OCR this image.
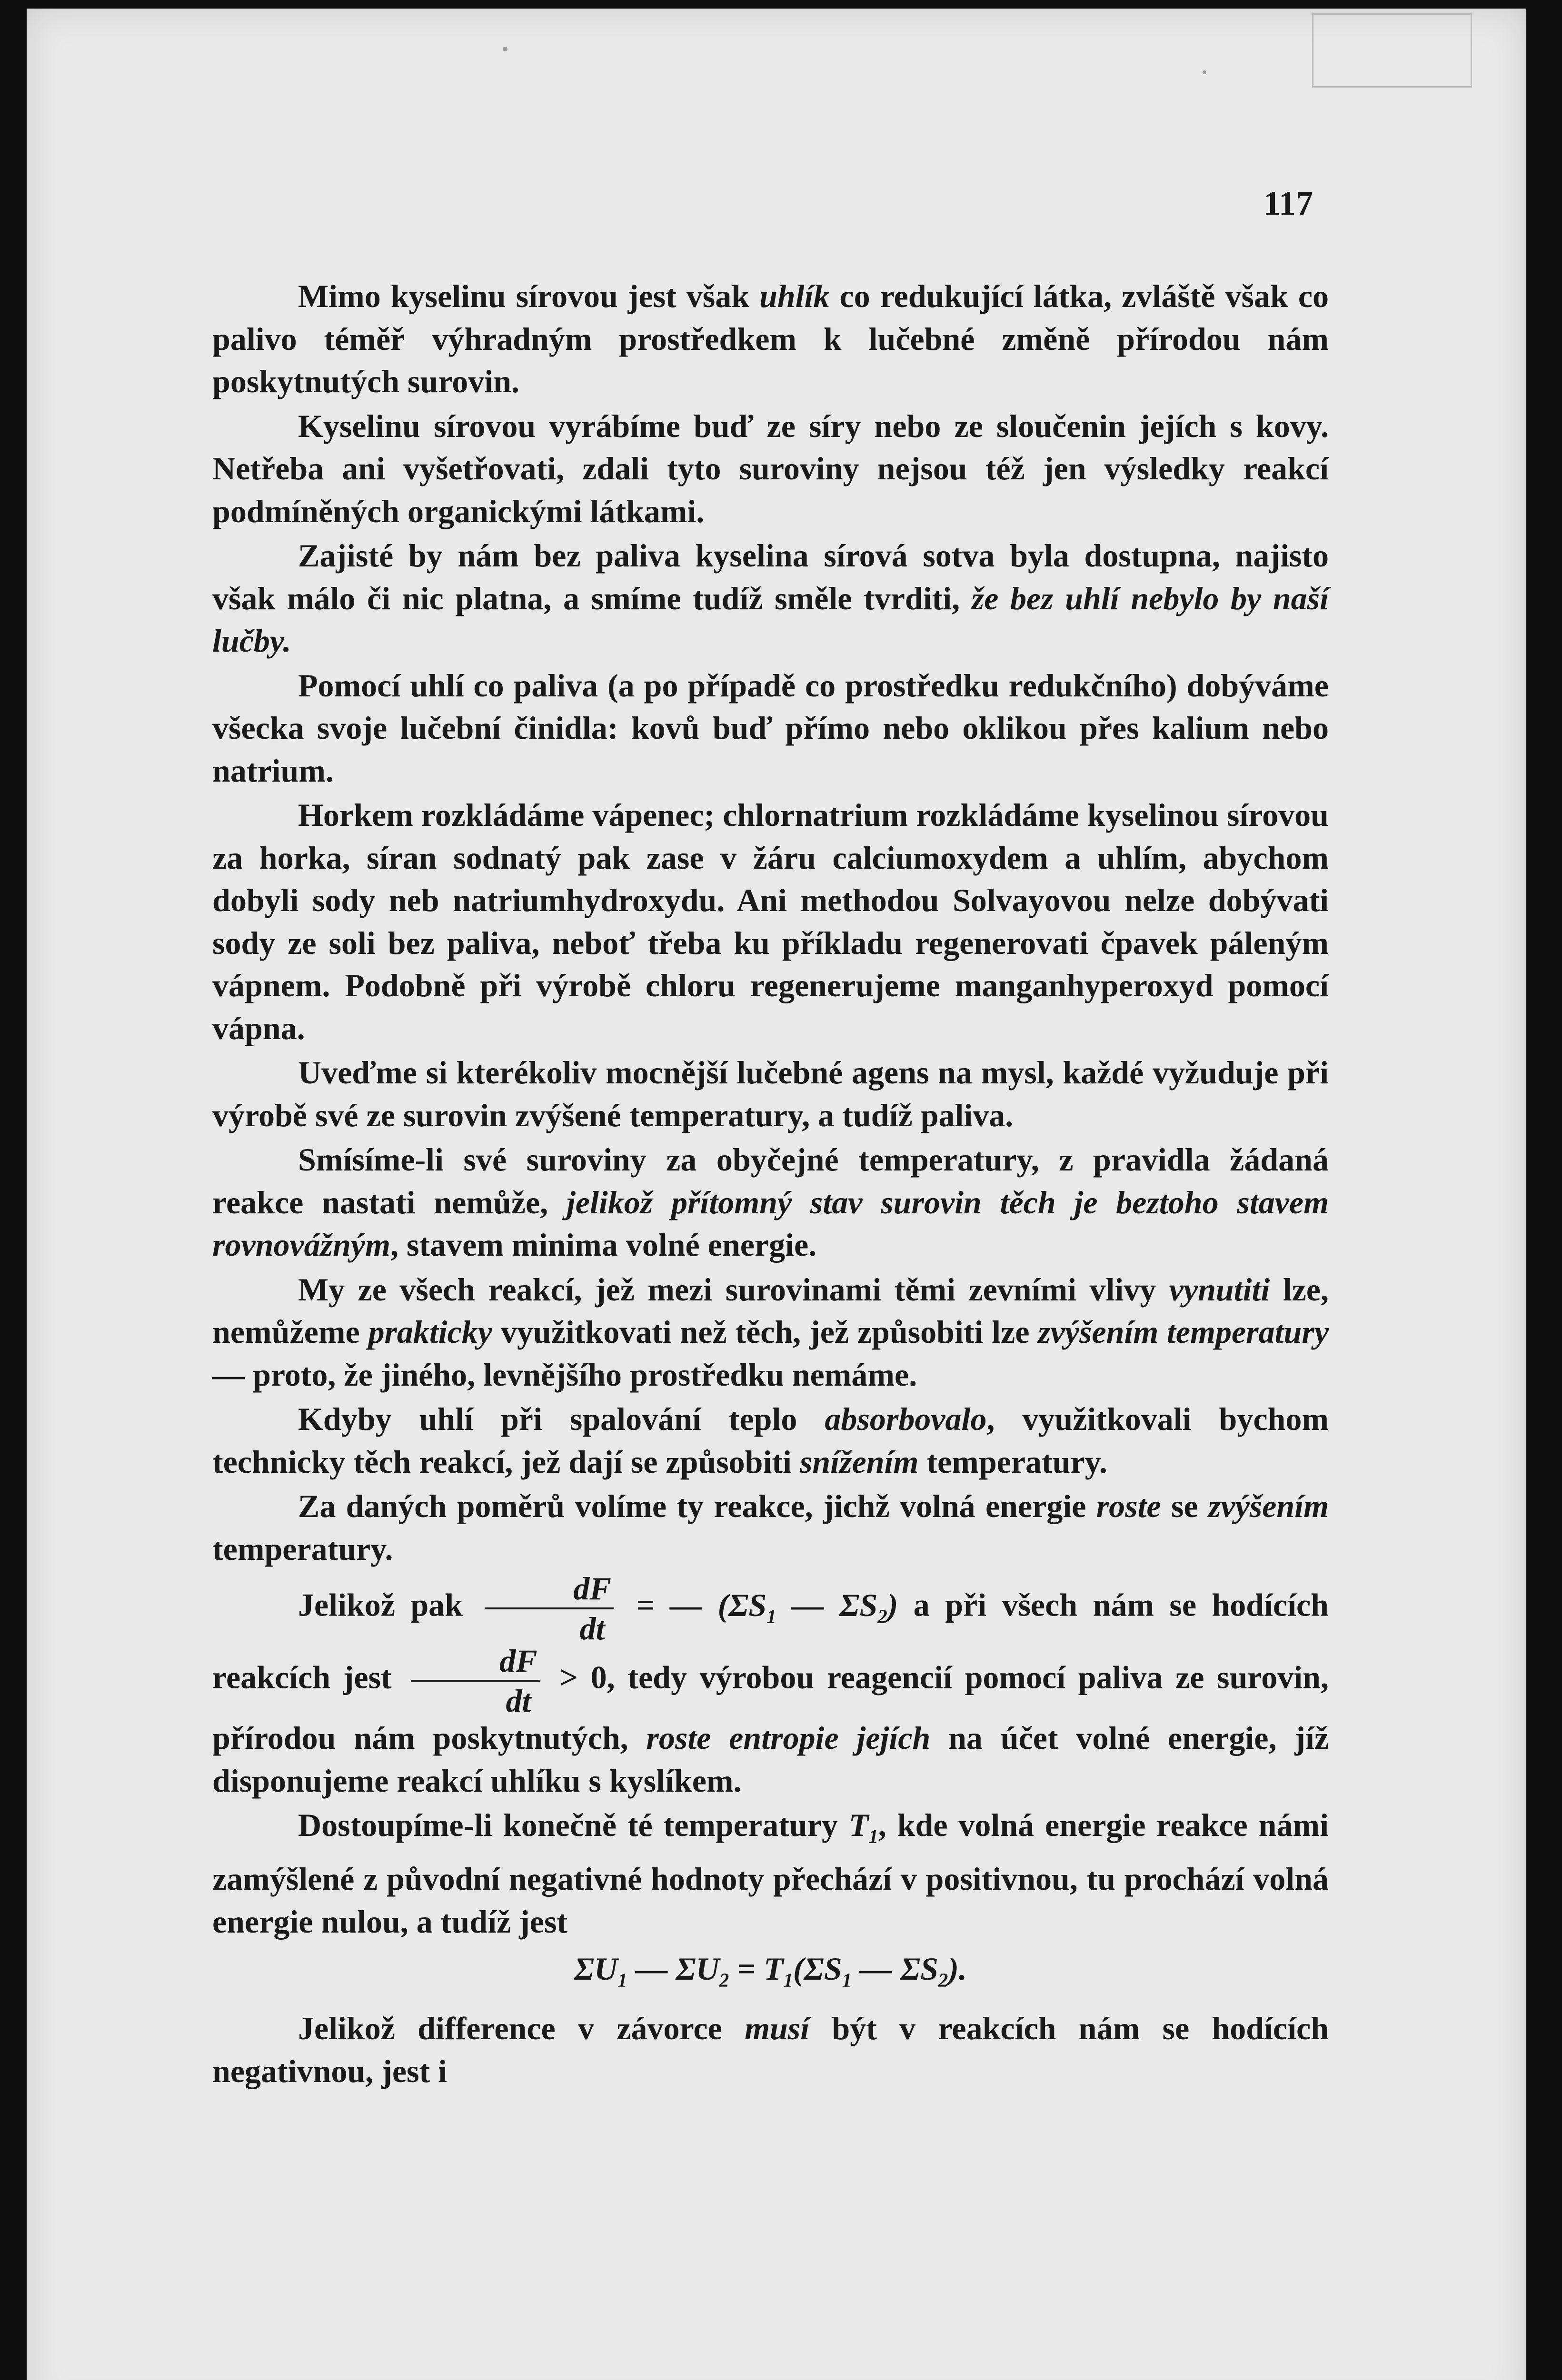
117

Mimo kyselinu sírovou jest však uhlík co redukující látka, zvláště však co palivo téměř výhradným prostředkem k lučebné změně přírodou nám poskytnutých surovin.

Kyselinu sírovou vyrábíme buď ze síry nebo ze sloučenin jejích s kovy. Netřeba ani vyšetřovati, zdali tyto suroviny nejsou též jen výsledky reakcí podmíněných organickými látkami.

Zajisté by nám bez paliva kyselina sírová sotva byla dostupna, najisto však málo či nic platna, a smíme tudíž směle tvrditi, že bez uhlí nebylo by naší lučby.

Pomocí uhlí co paliva (a po případě co prostředku redukčního) dobýváme všecka svoje lučební činidla: kovů buď přímo nebo oklikou přes kalium nebo natrium.

Horkem rozkládáme vápenec; chlornatrium rozkládáme kyselinou sírovou za horka, síran sodnatý pak zase v žáru calciumoxydem a uhlím, abychom dobyli sody neb natriumhydroxydu. Ani methodou Solvayovou nelze dobývati sody ze soli bez paliva, neboť třeba ku příkladu regenerovati čpavek páleným vápnem. Podobně při výrobě chloru regenerujeme manganhyperoxyd pomocí vápna.

Uveďme si kterékoliv mocnější lučebné agens na mysl, každé vyžuduje při výrobě své ze surovin zvýšené temperatury, a tudíž paliva.

Smísíme-li své suroviny za obyčejné temperatury, z pravidla žádaná reakce nastati nemůže, jelikož přítomný stav surovin těch je beztoho stavem rovnovážným, stavem minima volné energie.

My ze všech reakcí, jež mezi surovinami těmi zevními vlivy vynutiti lze, nemůžeme prakticky využitkovati než těch, jež způsobiti lze zvýšením temperatury — proto, že jiného, levnějšího prostředku nemáme.

Kdyby uhlí při spalování teplo absorbovalo, využitkovali bychom technicky těch reakcí, jež dají se způsobiti snížením temperatury.

Za daných poměrů volíme ty reakce, jichž volná energie roste se zvýšením temperatury.

Jelikož pak $\frac{dF}{dt}$ = — ($\Sigma S_1$ — $\Sigma S_2$) a při všech nám se hodících reakcích jest $\frac{dF}{dt} > 0$, tedy výrobou reagencií pomocí paliva ze surovin, přírodou nám poskytnutých, roste entropie jejích na účet volné energie, jíž disponujeme reakcí uhlíku s kyslíkem.

Dostoupíme-li konečně té temperatury $T_1$, kde volná energie reakce námi zamýšlené z původní negativné hodnoty přechází v positivnou, tu prochází volná energie nulou, a tudíž jest

$\Sigma U_1$ — $\Sigma U_2 = T_1(\Sigma S_1$ — $\Sigma S_2$).

Jelikož difference v závorce musí být v reakcích nám se hodících negativnou, jest i
